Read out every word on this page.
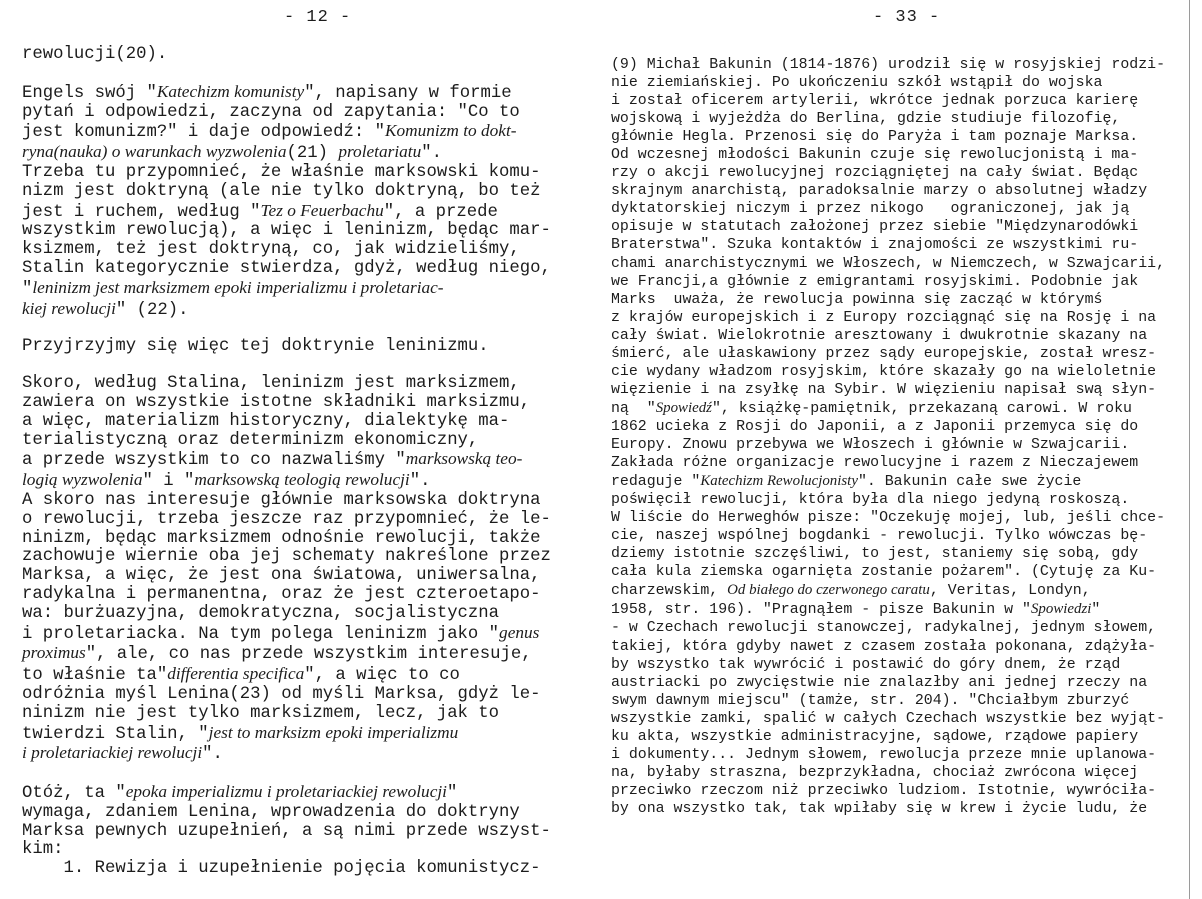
- 12 -
rewolucji(20).
Engels swój "Katechizm komunisty", napisany w formie
pytań i odpowiedzi, zaczyna od zapytania: "Co to
jest komunizm?" i daje odpowiedź: "Komunizm to dokt-
ryna(nauka) o warunkach wyzwolenia(21) proletariatu".
Trzeba tu przypomnieć, że właśnie marksowski komu-
nizm jest doktryną (ale nie tylko doktryną, bo też
jest i ruchem, według "Tez o Feuerbachu", a przede
wszystkim rewolucją), a więc i leninizm, będąc mar-
ksizmem, też jest doktryną, co, jak widzieliśmy,
Stalin kategorycznie stwierdza, gdyż, według niego,
"leninizm jest marksizmem epoki imperializmu i proletariac-
kiej rewolucji" (22).
Przyjrzyjmy się więc tej doktrynie leninizmu.
Skoro, według Stalina, leninizm jest marksizmem,
zawiera on wszystkie istotne składniki marksizmu,
a więc, materializm historyczny, dialektykę ma-
terialistyczną oraz determinizm ekonomiczny,
a przede wszystkim to co nazwaliśmy "marksowską teo-
logią wyzwolenia" i "marksowską teologią rewolucji".
A skoro nas interesuje głównie marksowska doktryna
o rewolucji, trzeba jeszcze raz przypomnieć, że le-
ninizm, będąc marksizmem odnośnie rewolucji, także
zachowuje wiernie oba jej schematy nakreślone przez
Marksa, a więc, że jest ona światowa, uniwersalna,
radykalna i permanentna, oraz że jest czteroetapo-
wa: burżuazyjna, demokratyczna, socjalistyczna
i proletariacka. Na tym polega leninizm jako "genus
proximus", ale, co nas przede wszystkim interesuje,
to właśnie ta"differentia specifica", a więc to co
odróżnia myśl Lenina(23) od myśli Marksa, gdyż le-
ninizm nie jest tylko marksizmem, lecz, jak to
twierdzi Stalin, "jest to marksizm epoki imperializmu
i proletariackiej rewolucji".
Otóż, ta "epoka imperializmu i proletariackiej rewolucji"
wymaga, zdaniem Lenina, wprowadzenia do doktryny
Marksa pewnych uzupełnień, a są nimi przede wszyst-
kim:
1. Rewizja i uzupełnienie pojęcia komunistycz-
- 33 -
(9) Michał Bakunin (1814-1876) urodził się w rosyjskiej rodzi-
nie ziemiańskiej. Po ukończeniu szkół wstąpił do wojska
i został oficerem artylerii, wkrótce jednak porzuca karierę
wojskową i wyjeżdża do Berlina, gdzie studiuje filozofię,
głównie Hegla. Przenosi się do Paryża i tam poznaje Marksa.
Od wczesnej młodości Bakunin czuje się rewolucjonistą i ma-
rzy o akcji rewolucyjnej rozciągniętej na cały świat. Będąc
skrajnym anarchistą, paradoksalnie marzy o absolutnej władzy
dyktatorskiej niczym i przez nikogo   ograniczonej, jak ją
opisuje w statutach założonej przez siebie "Międzynarodówki
Braterstwa". Szuka kontaktów i znajomości ze wszystkimi ru-
chami anarchistycznymi we Włoszech, w Niemczech, w Szwajcarii,
we Francji,a głównie z emigrantami rosyjskimi. Podobnie jak
Marks  uważa, że rewolucja powinna się zacząć w którymś
z krajów europejskich i z Europy rozciągnąć się na Rosję i na
cały świat. Wielokrotnie aresztowany i dwukrotnie skazany na
śmierć, ale ułaskawiony przez sądy europejskie, został wresz-
cie wydany władzom rosyjskim, które skazały go na wieloletnie
więzienie i na zsyłkę na Sybir. W więzieniu napisał swą słyn-
ną  "Spowiedź", książkę-pamiętnik, przekazaną carowi. W roku
1862 ucieka z Rosji do Japonii, a z Japonii przemyca się do
Europy. Znowu przebywa we Włoszech i głównie w Szwajcarii.
Zakłada różne organizacje rewolucyjne i razem z Nieczajewem
redaguje "Katechizm Rewolucjonisty". Bakunin całe swe życie
poświęcił rewolucji, która była dla niego jedyną roskoszą.
W liście do Herweghów pisze: "Oczekuję mojej, lub, jeśli chce-
cie, naszej wspólnej bogdanki - rewolucji. Tylko wówczas bę-
dziemy istotnie szczęśliwi, to jest, staniemy się sobą, gdy
cała kula ziemska ogarnięta zostanie pożarem". (Cytuję za Ku-
charzewskim, Od białego do czerwonego caratu, Veritas, Londyn,
1958, str. 196). "Pragnąłem - pisze Bakunin w "Spowiedzi"
- w Czechach rewolucji stanowczej, radykalnej, jednym słowem,
takiej, która gdyby nawet z czasem została pokonana, zdążyła-
by wszystko tak wywrócić i postawić do góry dnem, że rząd
austriacki po zwycięstwie nie znalazłby ani jednej rzeczy na
swym dawnym miejscu" (tamże, str. 204). "Chciałbym zburzyć
wszystkie zamki, spalić w całych Czechach wszystkie bez wyjąt-
ku akta, wszystkie administracyjne, sądowe, rządowe papiery
i dokumenty... Jednym słowem, rewolucja przeze mnie uplanowa-
na, byłaby straszna, bezprzykładna, chociaż zwrócona więcej
przeciwko rzeczom niż przeciwko ludziom. Istotnie, wywróciła-
by ona wszystko tak, tak wpiłaby się w krew i życie ludu, że
